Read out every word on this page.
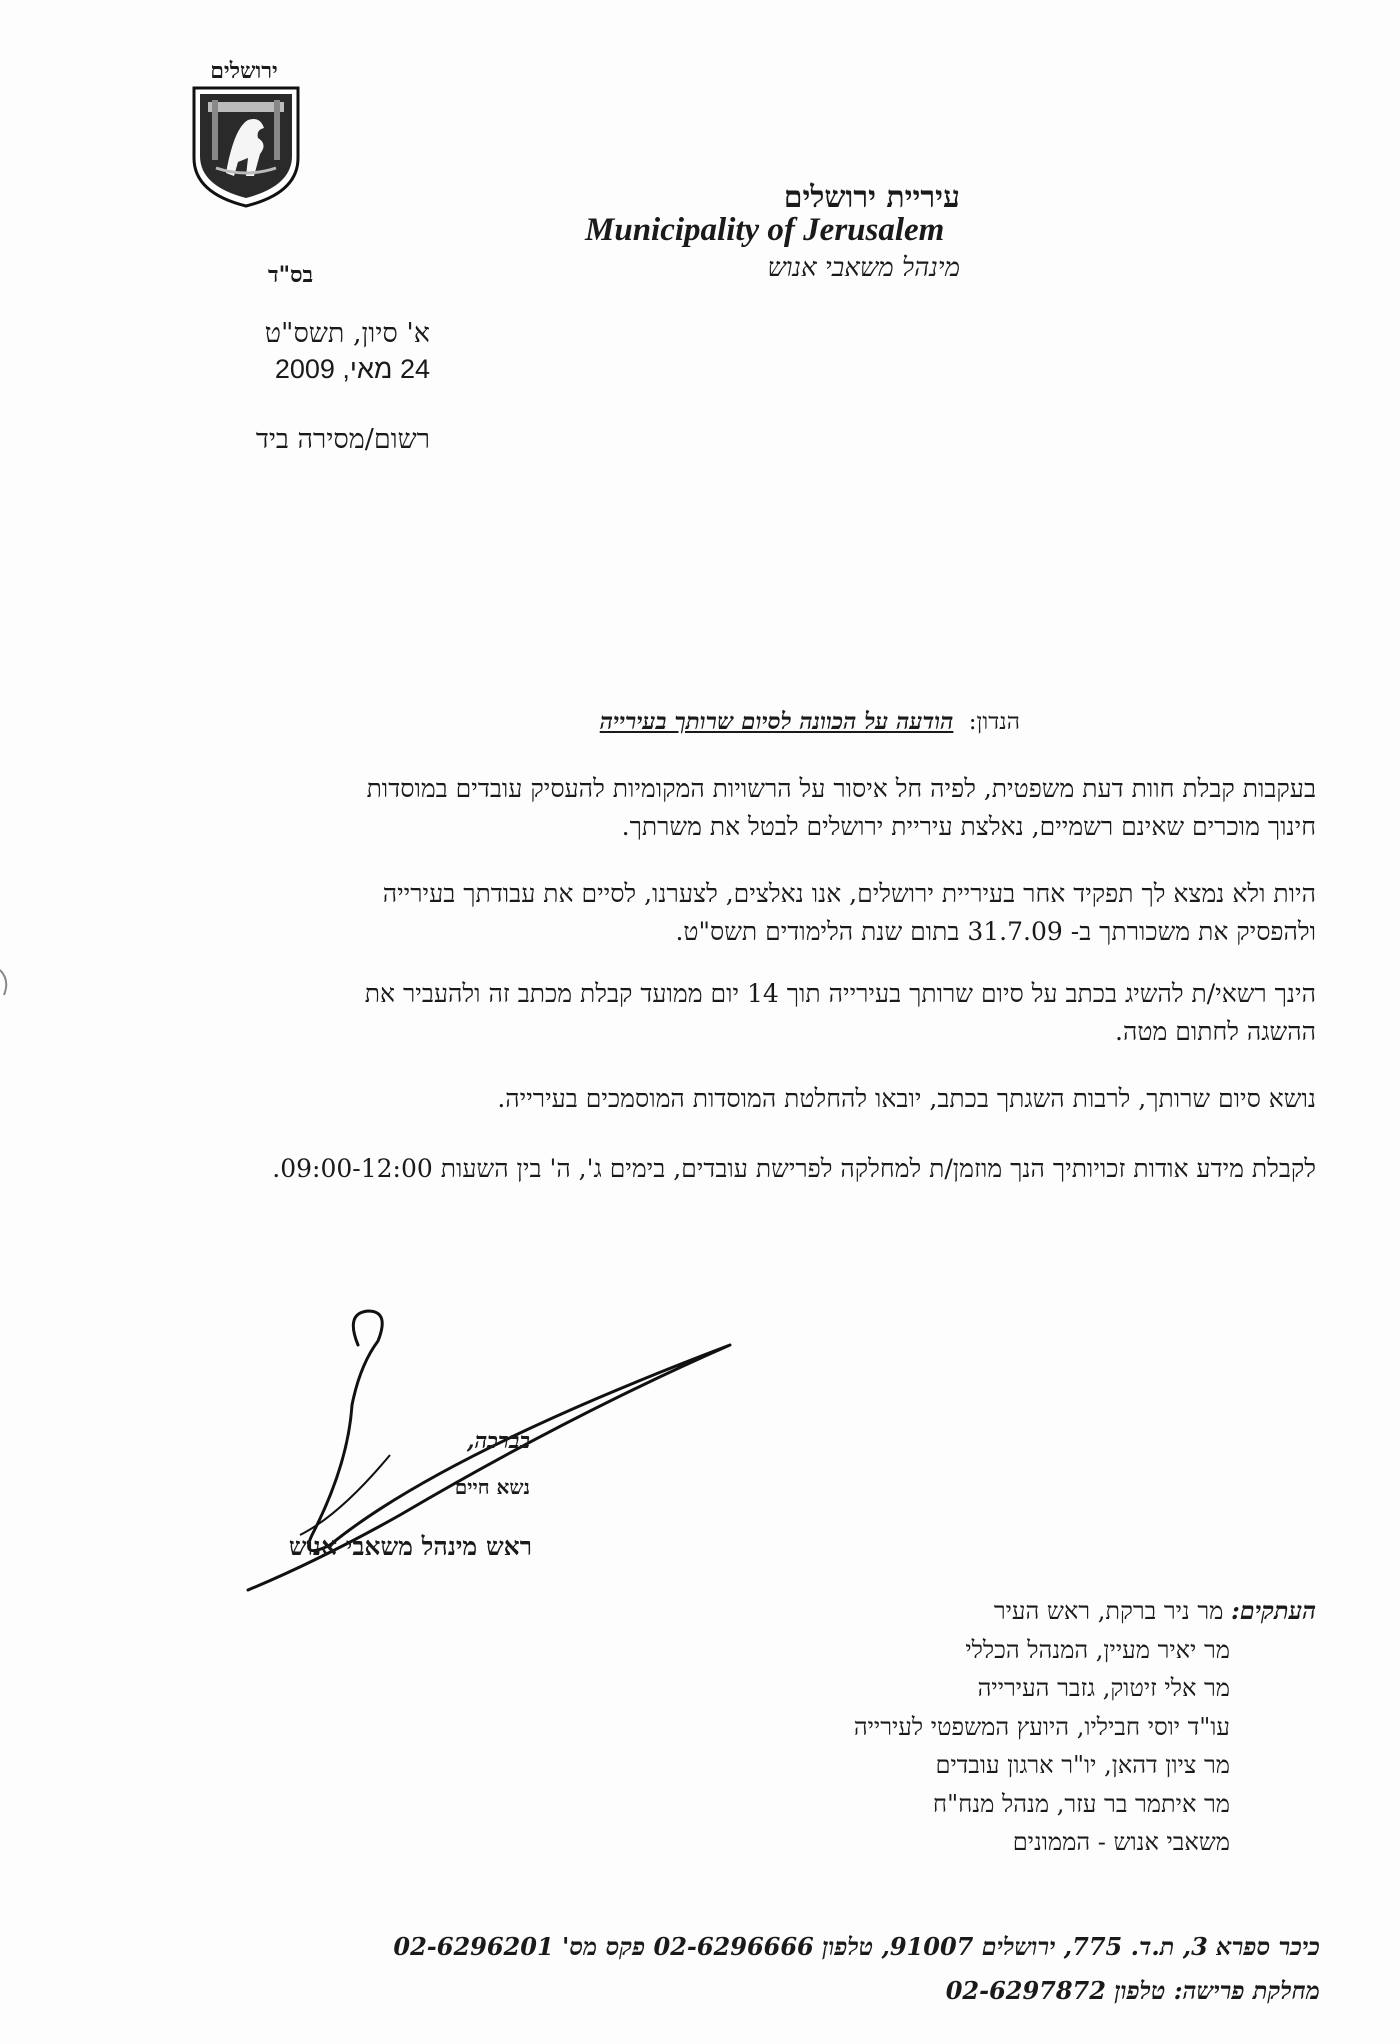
ירושלים
עיריית ירושלים
Municipality of Jerusalem
מינהל משאבי אנוש
בס"ד
א' סיון, תשס"ט
24 מאי, 2009
רשום/מסירה ביד
הנדון: הודעה על הכוונה לסיום שרותך בעירייה
בעקבות קבלת חוות דעת משפטית, לפיה חל איסור על הרשויות המקומיות להעסיק עובדים במוסדות
חינוך מוכרים שאינם רשמיים, נאלצת עיריית ירושלים לבטל את משרתך.
היות ולא נמצא לך תפקיד אחר בעיריית ירושלים, אנו נאלצים, לצערנו, לסיים את עבודתך בעירייה
ולהפסיק את משכורתך ב- 31.7.09 בתום שנת הלימודים תשס"ט.
הינך רשאי/ת להשיג בכתב על סיום שרותך בעירייה תוך 14 יום ממועד קבלת מכתב זה ולהעביר את
ההשגה לחתום מטה.
נושא סיום שרותך, לרבות השגתך בכתב, יובאו להחלטת המוסדות המוסמכים בעירייה.
לקבלת מידע אודות זכויותיך הנך מוזמן/ת למחלקה לפרישת עובדים, בימים ג', ה' בין השעות 09:00-12:00.
בברכה,
נשא חיים
ראש מינהל משאבי אנוש
העתקים: מר ניר ברקת, ראש העיר
מר יאיר מעיין, המנהל הכללי
מר אלי זיטוק, גזבר העירייה
עו"ד יוסי חביליו, היועץ המשפטי לעירייה
מר ציון דהאן, יו"ר ארגון עובדים
מר איתמר בר עזר, מנהל מנח"ח
משאבי אנוש - הממונים
כיכר ספרא 3, ת.ד. 775, ירושלים 91007, טלפון 02-6296666 פקס מס' 02-6296201
מחלקת פרישה: טלפון 02-6297872
